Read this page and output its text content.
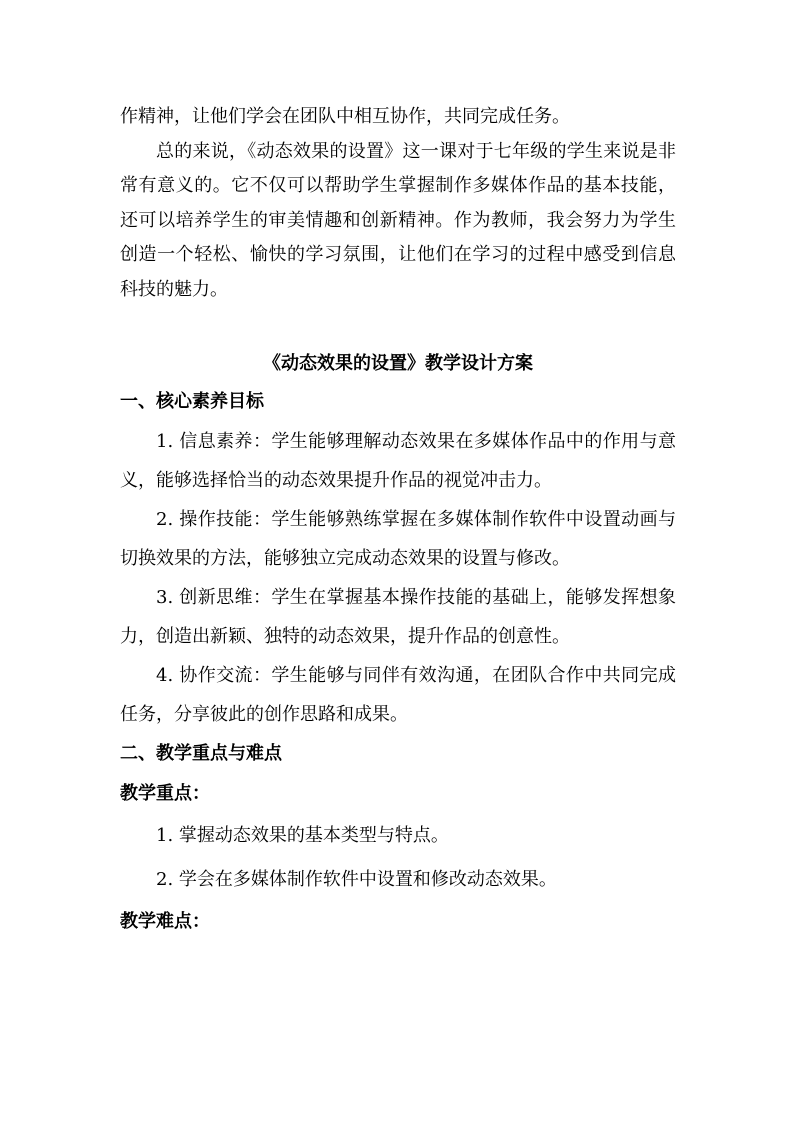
作精神，让他们学会在团队中相互协作，共同完成任务。

总的来说，《动态效果的设置》这一课对于七年级的学生来说是非常有意义的。它不仅可以帮助学生掌握制作多媒体作品的基本技能，还可以培养学生的审美情趣和创新精神。作为教师，我会努力为学生创造一个轻松、愉快的学习氛围，让他们在学习的过程中感受到信息科技的魅力。

《动态效果的设置》教学设计方案

一、核心素养目标

1. 信息素养：学生能够理解动态效果在多媒体作品中的作用与意义，能够选择恰当的动态效果提升作品的视觉冲击力。

2. 操作技能：学生能够熟练掌握在多媒体制作软件中设置动画与切换效果的方法，能够独立完成动态效果的设置与修改。

3. 创新思维：学生在掌握基本操作技能的基础上，能够发挥想象力，创造出新颖、独特的动态效果，提升作品的创意性。

4. 协作交流：学生能够与同伴有效沟通，在团队合作中共同完成任务，分享彼此的创作思路和成果。

二、教学重点与难点

教学重点：

1. 掌握动态效果的基本类型与特点。

2. 学会在多媒体制作软件中设置和修改动态效果。

教学难点：
